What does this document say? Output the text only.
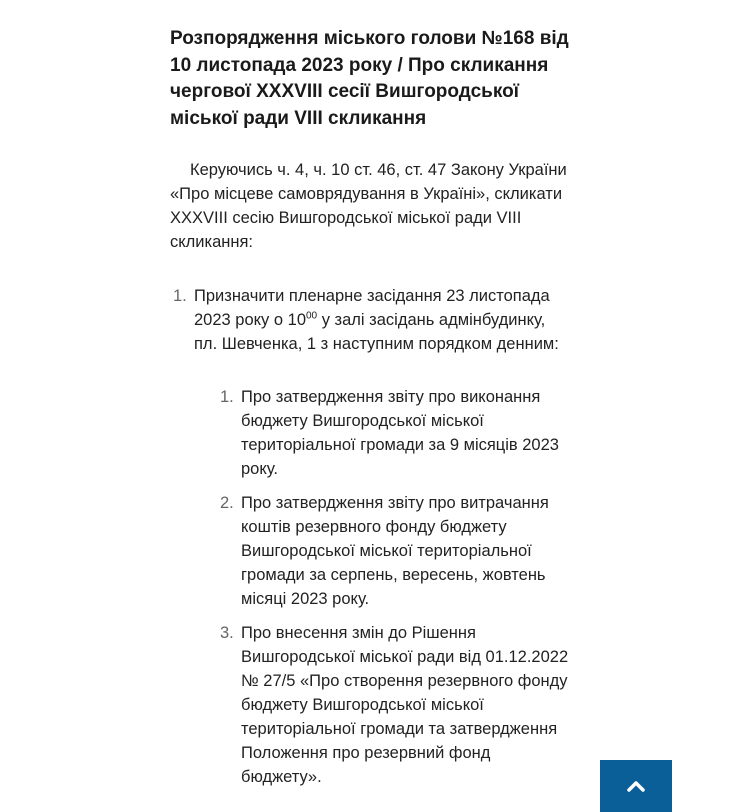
Розпорядження міського голови №168 від 10 листопада 2023 року / Про скликання чергової XXXVIII сесії Вишгородської міської ради VIII скликання

Керуючись ч. 4, ч. 10 ст. 46, ст. 47 Закону України «Про місцеве самоврядування в Україні», скликати XXXVIII сесію Вишгородської міської ради VIII скликання:

1. Призначити пленарне засідання 23 листопада 2023 року о $10^{00}$ у залі засідань адмінбудинку, пл. Шевченка, 1 з наступним порядком денним:
1. Про затвердження звіту про виконання бюджету Вишгородської міської територіальної громади за 9 місяців 2023 року.
2. Про затвердження звіту про витрачання коштів резервного фонду бюджету Вишгородської міської територіальної громади за серпень, вересень, жовтень місяці 2023 року.
3. Про внесення змін до Рішення Вишгородської міської ради від 01.12.2022 № 27/5 «Про створення резервного фонду бюджету Вишгородської міської територіальної громади та затвердження Положення про резервний фонд бюджету».
